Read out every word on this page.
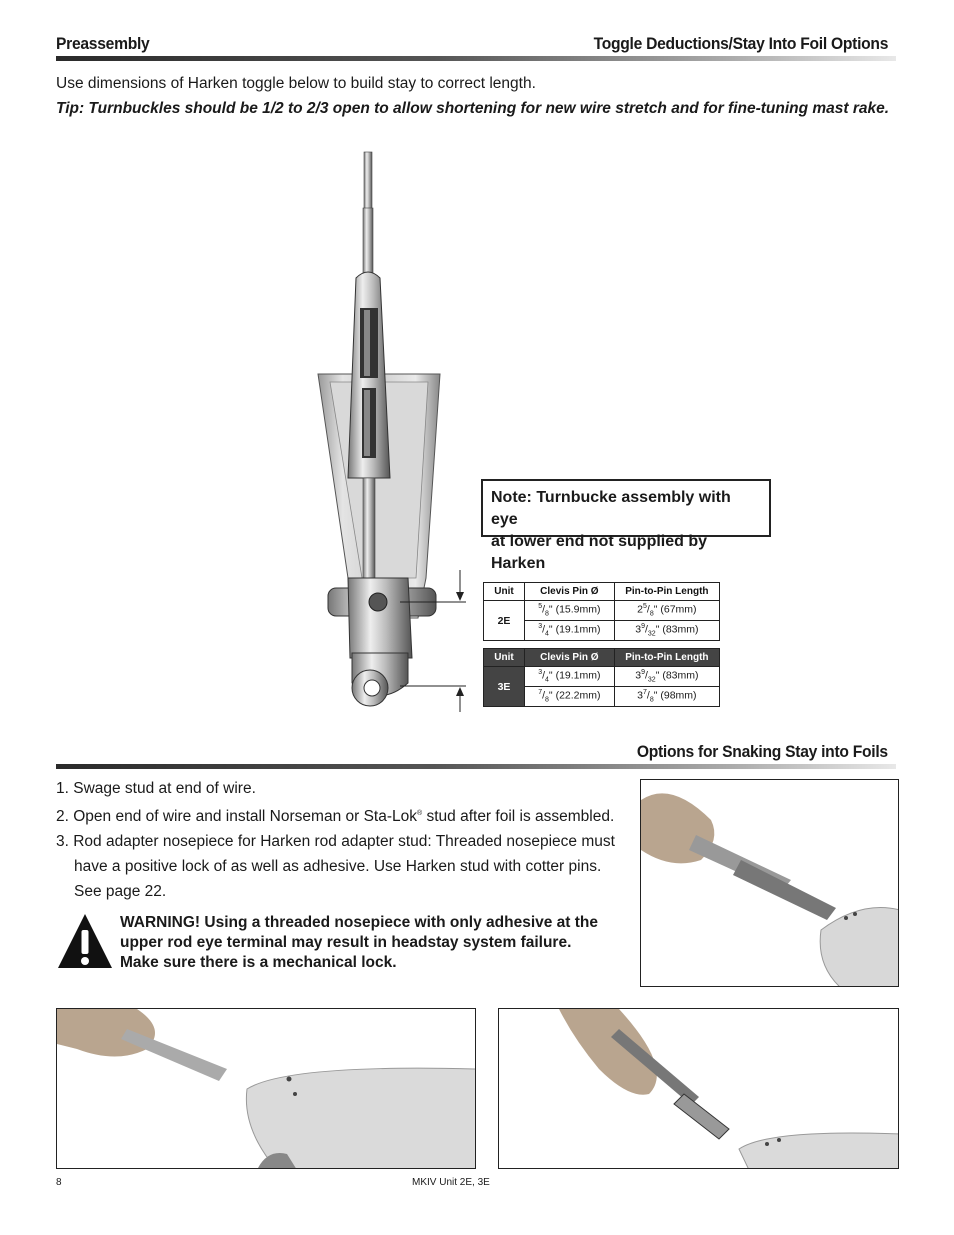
Preassembly	Toggle Deductions/Stay Into Foil Options
Use dimensions of Harken toggle below to build stay to correct length.
Tip: Turnbuckles should be 1/2 to 2/3 open to allow shortening for new wire stretch and for fine-tuning mast rake.
Note: Turnbucke assembly with eye
at lower end not supplied by Harken
Unit	Clevis Pin Ø	Pin-to-Pin Length
2E	$^5/_8$" (15.9mm)	$2^5/_8$" (67mm)
	$^3/_4$" (19.1mm)	$3^9/_{32}$" (83mm)
Unit	Clevis Pin Ø	Pin-to-Pin Length
3E	$^3/_4$" (19.1mm)	$3^9/_{32}$" (83mm)
	$^7/_8$" (22.2mm)	$3^7/_8$" (98mm)
Options for Snaking Stay into Foils
1. Swage stud at end of wire.
2. Open end of wire and install Norseman or Sta-Lok® stud after foil is assembled.
3. Rod adapter nosepiece for Harken rod adapter stud: Threaded nosepiece must
have a positive lock of as well as adhesive. Use Harken stud with cotter pins.
See page 22.
WARNING! Using a threaded nosepiece with only adhesive at the
upper rod eye terminal may result in headstay system failure.
Make sure there is a mechanical lock.
8	MKIV Unit 2E, 3E
